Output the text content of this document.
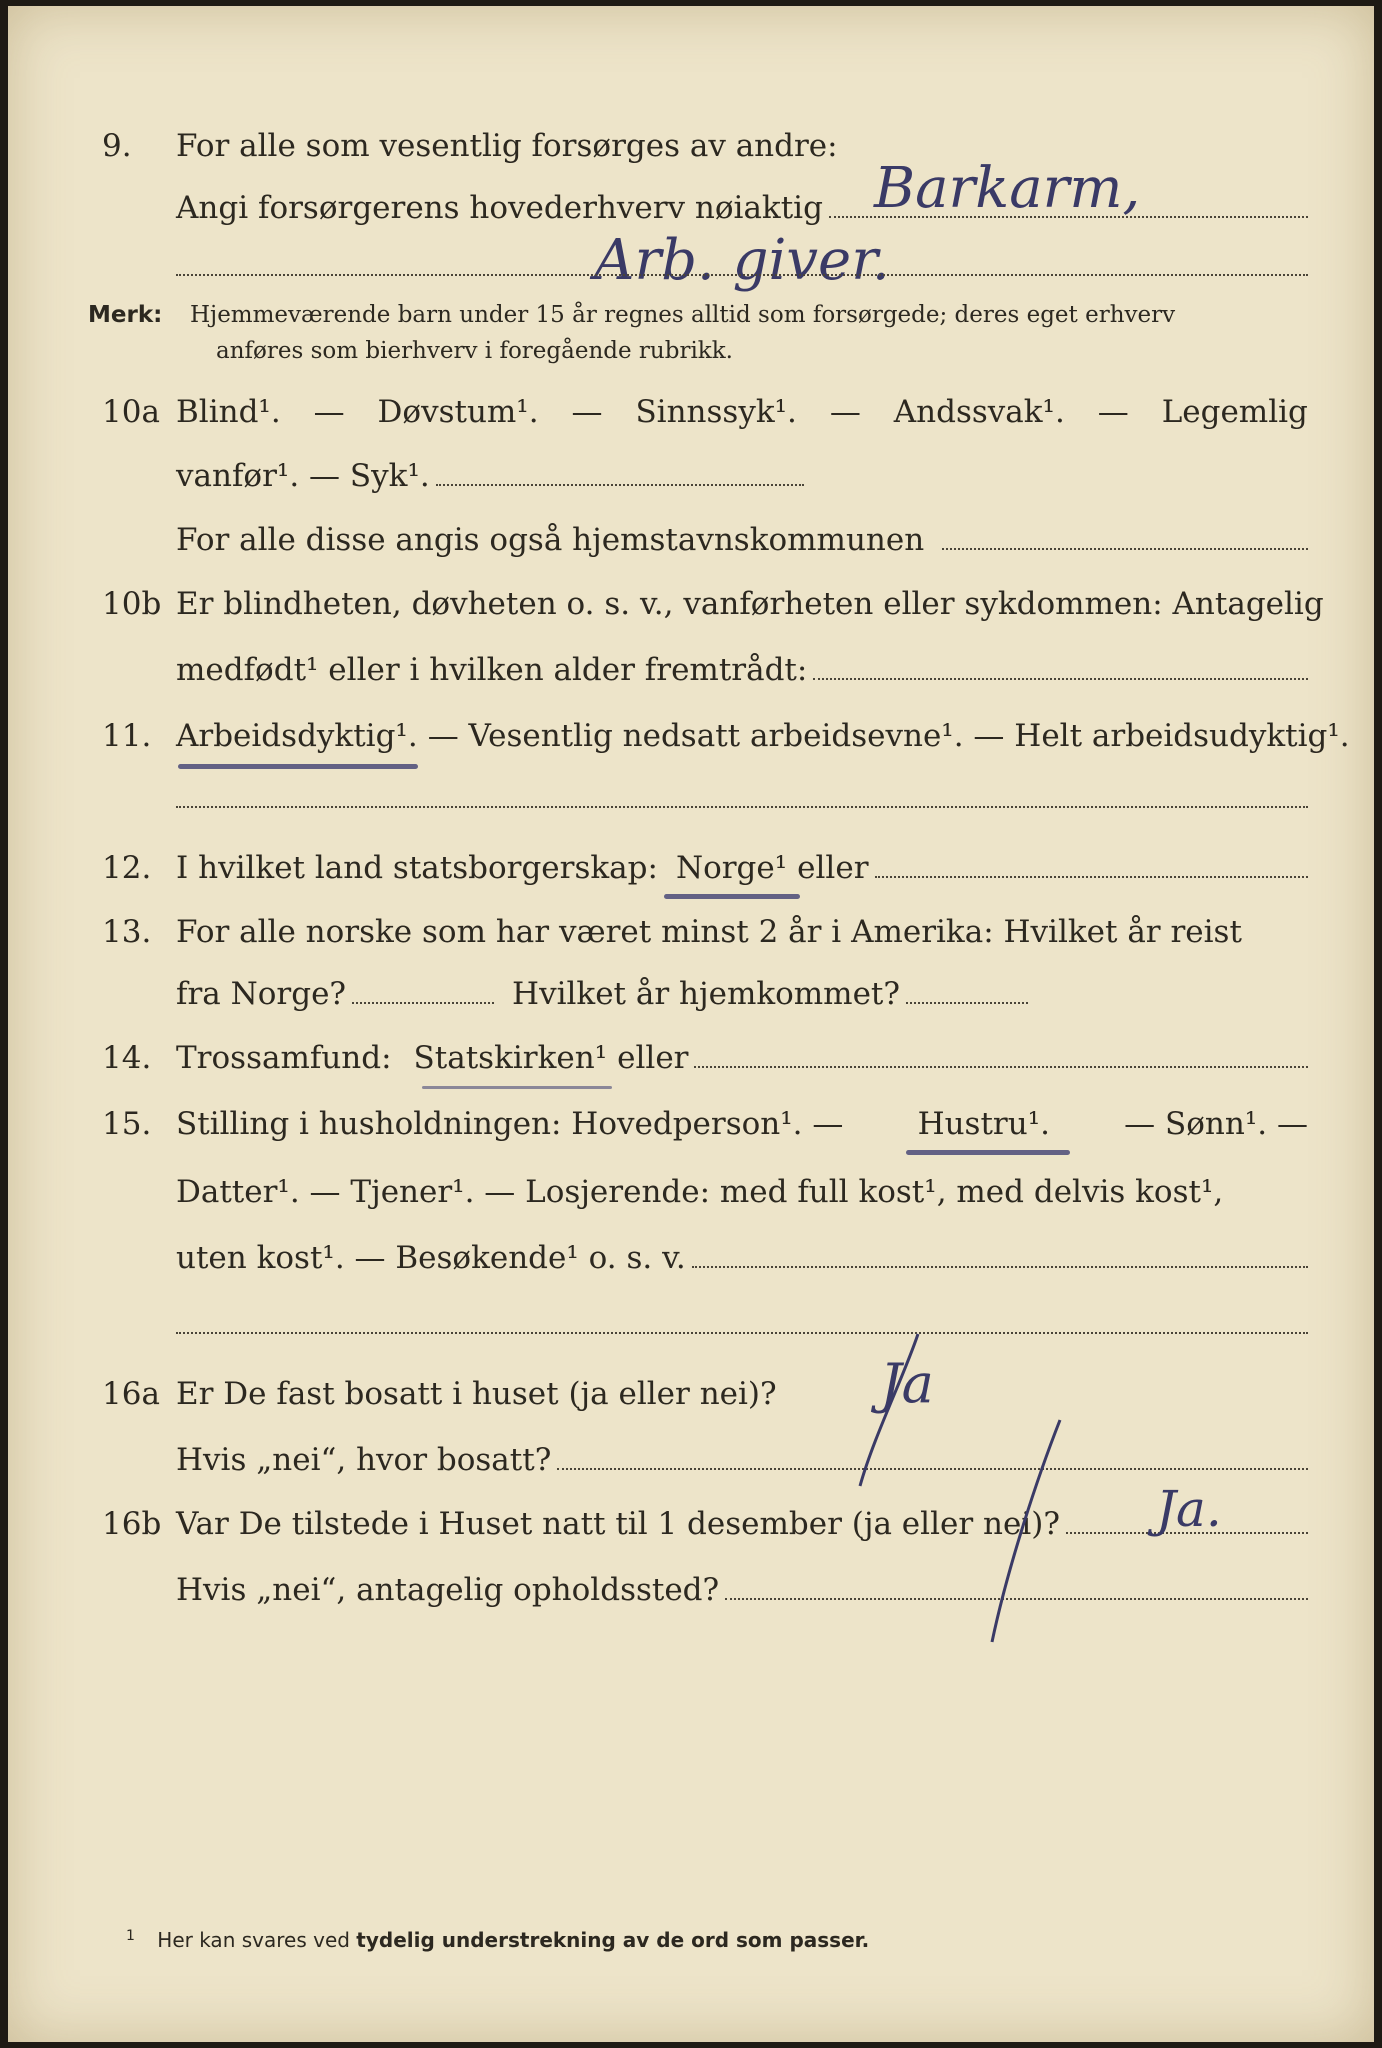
9. For alle som vesentlig forsørges av andre:
Angi forsørgerens hovederhverv nøiaktig Barkarm,
Arb. giver.
Merk: Hjemmeværende barn under 15 år regnes alltid som forsørgede; deres eget erhverv
anføres som bierhverv i foregående rubrikk.
10a Blind¹. — Døvstum¹. — Sinnssyk¹. — Andssvak¹. — Legemlig
vanfør¹. — Syk¹.
For alle disse angis også hjemstavnskommunen
10b Er blindheten, døvheten o. s. v., vanførheten eller sykdommen: Antagelig
medfødt¹ eller i hvilken alder fremtrådt:
11. Arbeidsdyktig¹. — Vesentlig nedsatt arbeidsevne¹. — Helt arbeidsudyktig¹.
12. I hvilket land statsborgerskap: Norge¹ eller
13. For alle norske som har været minst 2 år i Amerika: Hvilket år reist
fra Norge?	Hvilket år hjemkommet?
14. Trossamfund: Statskirken¹ eller
15. Stilling i husholdningen: Hovedperson¹. — Hustru¹. — Sønn¹. —
Datter¹. — Tjener¹. — Losjerende: med full kost¹, med delvis kost¹,
uten kost¹. — Besøkende¹ o. s. v.
16a Er De fast bosatt i huset (ja eller nei)? Ja
Hvis „nei“, hvor bosatt?
16b Var De tilstede i Huset natt til 1 desember (ja eller nei)? Ja.
Hvis „nei“, antagelig opholdssted?
$^1$ Her kan svares ved tydelig understrekning av de ord som passer.
